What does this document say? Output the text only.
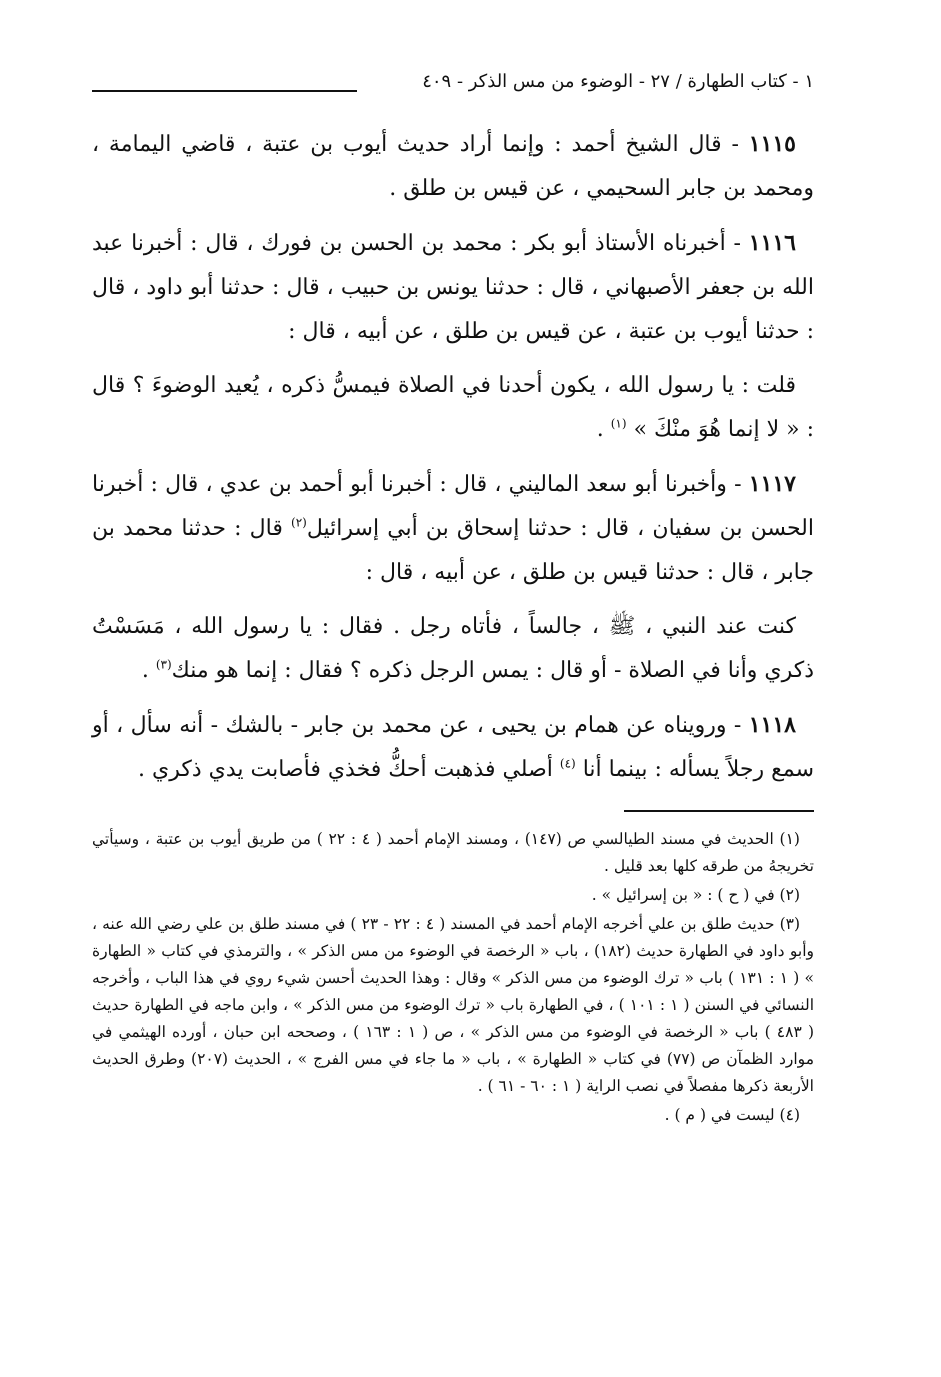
١ - كتاب الطهارة / ٢٧ - الوضوء من مس الذكر - ٤٠٩

١١١٥ - قال الشيخ أحمد : وإنما أراد حديث أيوب بن عتبة ، قاضي اليمامة ، ومحمد بن جابر السحيمي ، عن قيس بن طلق .

١١١٦ - أخبرناه الأستاذ أبو بكر : محمد بن الحسن بن فورك ، قال : أخبرنا عبد الله بن جعفر الأصبهاني ، قال : حدثنا يونس بن حبيب ، قال : حدثنا أبو داود ، قال : حدثنا أيوب بن عتبة ، عن قيس بن طلق ، عن أبيه ، قال :

قلت : يا رسول الله ، يكون أحدنا في الصلاة فيمسُّ ذكره ، يُعيد الوضوءَ ؟ قال : « لا إنما هُوَ منْكَ » $^{(١)}$ .

١١١٧ - وأخبرنا أبو سعد الماليني ، قال : أخبرنا أبو أحمد بن عدي ، قال : أخبرنا الحسن بن سفيان ، قال : حدثنا إسحاق بن أبي إسرائيل$^{(٢)}$ قال : حدثنا محمد بن جابر ، قال : حدثنا قيس بن طلق ، عن أبيه ، قال :

كنت عند النبي ، ﷺ ، جالساً ، فأتاه رجل . فقال : يا رسول الله ، مَسَسْتُ ذكري وأنا في الصلاة - أو قال : يمس الرجل ذكره ؟ فقال : إنما هو منك$^{(٣)}$ .

١١١٨ - ورويناه عن همام بن يحيى ، عن محمد بن جابر - بالشك - أنه سأل ، أو سمع رجلاً يسأله : بينما أنا $^{(٤)}$ أصلي فذهبت أحكُّ فخذي فأصابت يدي ذكري .

(١) الحديث في مسند الطيالسي ص (١٤٧) ، ومسند الإمام أحمد ( ٤ : ٢٢ ) من طريق أيوب بن عتبة ، وسيأتي تخريجهُ من طرقه كلها بعد قليل .

(٢) في ( ح ) : « بن إسرائيل » .

(٣) حديث طلق بن علي أخرجه الإمام أحمد في المسند ( ٤ : ٢٢ - ٢٣ ) في مسند طلق بن علي رضي الله عنه ، وأبو داود في الطهارة حديث (١٨٢) ، باب « الرخصة في الوضوء من مس الذكر » ، والترمذي في كتاب « الطهارة » ( ١ : ١٣١ ) باب « ترك الوضوء من مس الذكر » وقال : وهذا الحديث أحسن شيء روي في هذا الباب ، وأخرجه النسائي في السنن ( ١ : ١٠١ ) ، في الطهارة باب « ترك الوضوء من مس الذكر » ، وابن ماجه في الطهارة حديث ( ٤٨٣ ) باب « الرخصة في الوضوء من مس الذكر » ، ص ( ١ : ١٦٣ ) ، وصححه ابن حبان ، أورده الهيثمي في موارد الظمآن ص (٧٧) في كتاب « الطهارة » ، باب « ما جاء في مس الفرج » ، الحديث (٢٠٧) وطرق الحديث الأربعة ذكرها مفصلاً في نصب الراية ( ١ : ٦٠ - ٦١ ) .

(٤) ليست في ( م ) .
